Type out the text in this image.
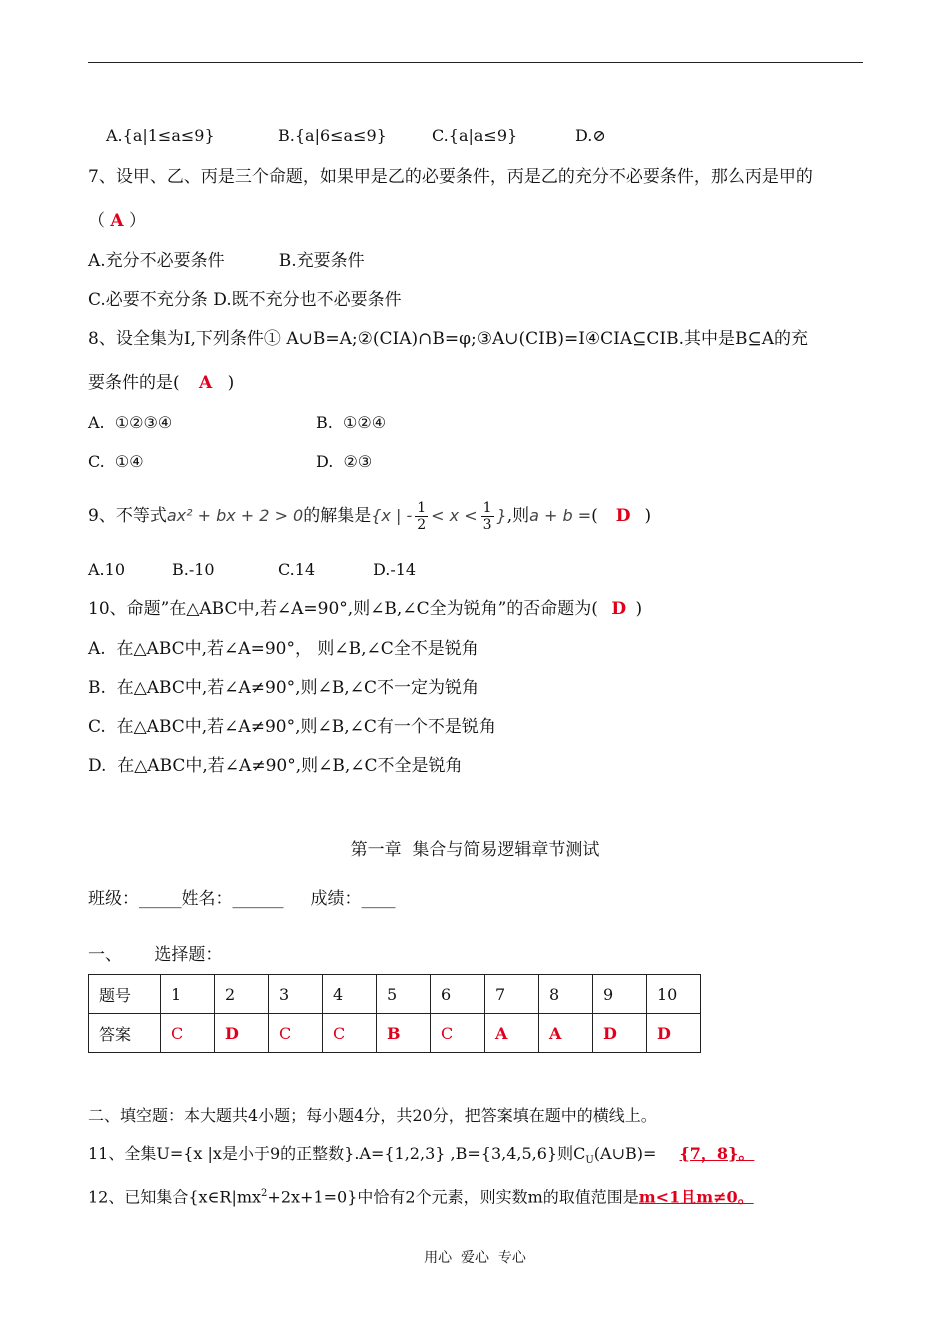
A.{a|1≤a≤9}	B.{a|6≤a≤9}	C.{a|a≤9}	D.⊘
7、设甲、乙、丙是三个命题，如果甲是乙的必要条件，丙是乙的充分不必要条件，那么丙是甲的
（ A ）
A.充分不必要条件          B.充要条件
C.必要不充分条 D.既不充分也不必要条件
8、设全集为I,下列条件① A∪B=A;②(CIA)∩B=φ;③A∪(CIB)=I④CIA⊆CIB.其中是B⊆A的充
要条件的是( A )
A.  ①②③④	B.  ①②④
C.  ①④	D.  ②③
9、不等式ax² + bx + 2 > 0的解集是{x | - $\frac{1}{2} < x < \frac{1}{3}$ },则a + b =( D )
A.10	B.-10	C.14	D.-14
10、命题”在△ABC中,若∠A=90°,则∠B,∠C全为锐角”的否命题为( D )
A.  在△ABC中,若∠A=90°， 则∠B,∠C全不是锐角
B.  在△ABC中,若∠A≠90°,则∠B,∠C不一定为锐角
C.  在△ABC中,若∠A≠90°,则∠B,∠C有一个不是锐角
D.  在△ABC中,若∠A≠90°,则∠B,∠C不全是锐角
第一章  集合与简易逻辑章节测试
班级：_____姓名：______     成绩：____
一、      选择题：
题号	1	2	3	4	5	6	7	8	9	10
答案	C	D	C	C	B	C	A	A	D	D
二、填空题：本大题共4小题；每小题4分，共20分，把答案填在题中的横线上。
11、全集U={x |x是小于9的正整数}.A={1,2,3} ,B={3,4,5,6}则$C_U(A\cup B)= \{7$，8}。
12、已知集合$\{x\in R|mx^2+2x+1=0\}$中恰有2个元素，则实数m的取值范围是m<1且m≠0。
用心  爱心  专心
